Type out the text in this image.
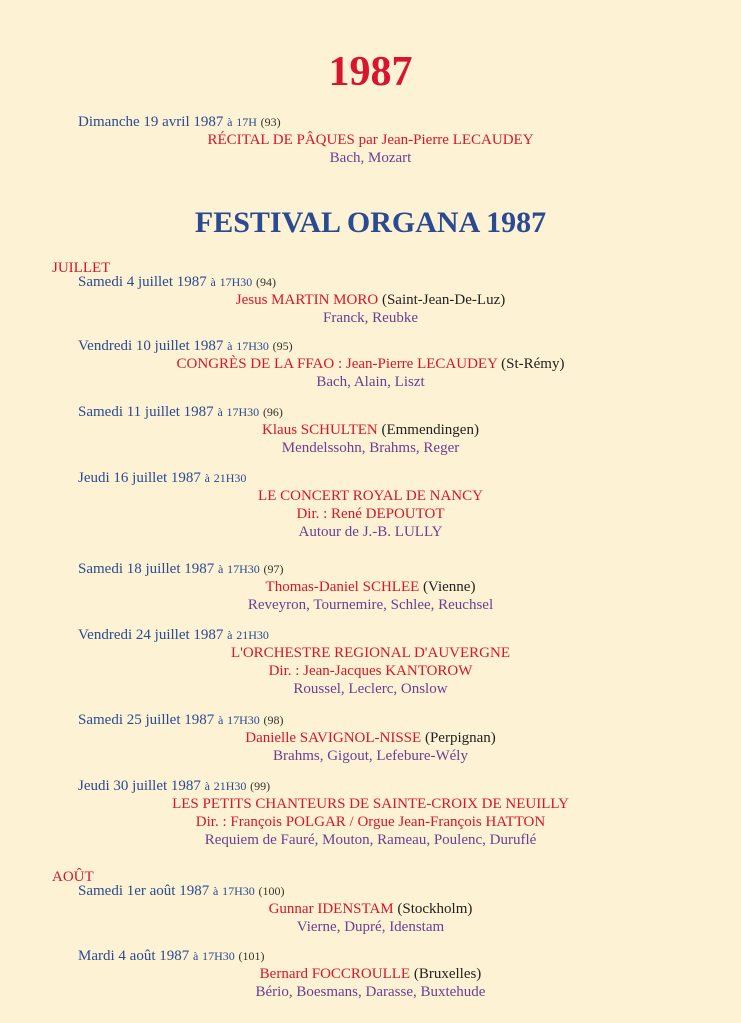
1987
Dimanche 19 avril 1987 à 17H (93)
RÉCITAL DE PÂQUES par Jean-Pierre LECAUDEY
Bach, Mozart
FESTIVAL ORGANA 1987
JUILLET
Samedi 4 juillet 1987 à 17H30 (94)
Jesus MARTIN MORO (Saint-Jean-De-Luz)
Franck, Reubke
Vendredi 10 juillet 1987 à 17H30 (95)
CONGRÈS DE LA FFAO : Jean-Pierre LECAUDEY (St-Rémy)
Bach, Alain, Liszt
Samedi 11 juillet 1987 à 17H30 (96)
Klaus SCHULTEN (Emmendingen)
Mendelssohn, Brahms, Reger
Jeudi 16 juillet 1987 à 21H30
LE CONCERT ROYAL DE NANCY
Dir. : René DEPOUTOT
Autour de J.-B. LULLY
Samedi 18 juillet 1987 à 17H30 (97)
Thomas-Daniel SCHLEE (Vienne)
Reveyron, Tournemire, Schlee, Reuchsel
Vendredi 24 juillet 1987 à 21H30
L'ORCHESTRE REGIONAL D'AUVERGNE
Dir. : Jean-Jacques KANTOROW
Roussel, Leclerc, Onslow
Samedi 25 juillet 1987 à 17H30 (98)
Danielle SAVIGNOL-NISSE (Perpignan)
Brahms, Gigout, Lefebure-Wély
Jeudi 30 juillet 1987 à 21H30 (99)
LES PETITS CHANTEURS DE SAINTE-CROIX DE NEUILLY
Dir. : François POLGAR / Orgue Jean-François HATTON
Requiem de Fauré, Mouton, Rameau, Poulenc, Duruflé
AOÛT
Samedi 1er août 1987 à 17H30 (100)
Gunnar IDENSTAM (Stockholm)
Vierne, Dupré, Idenstam
Mardi 4 août 1987 à 17H30 (101)
Bernard FOCCROULLE (Bruxelles)
Bério, Boesmans, Darasse, Buxtehude
